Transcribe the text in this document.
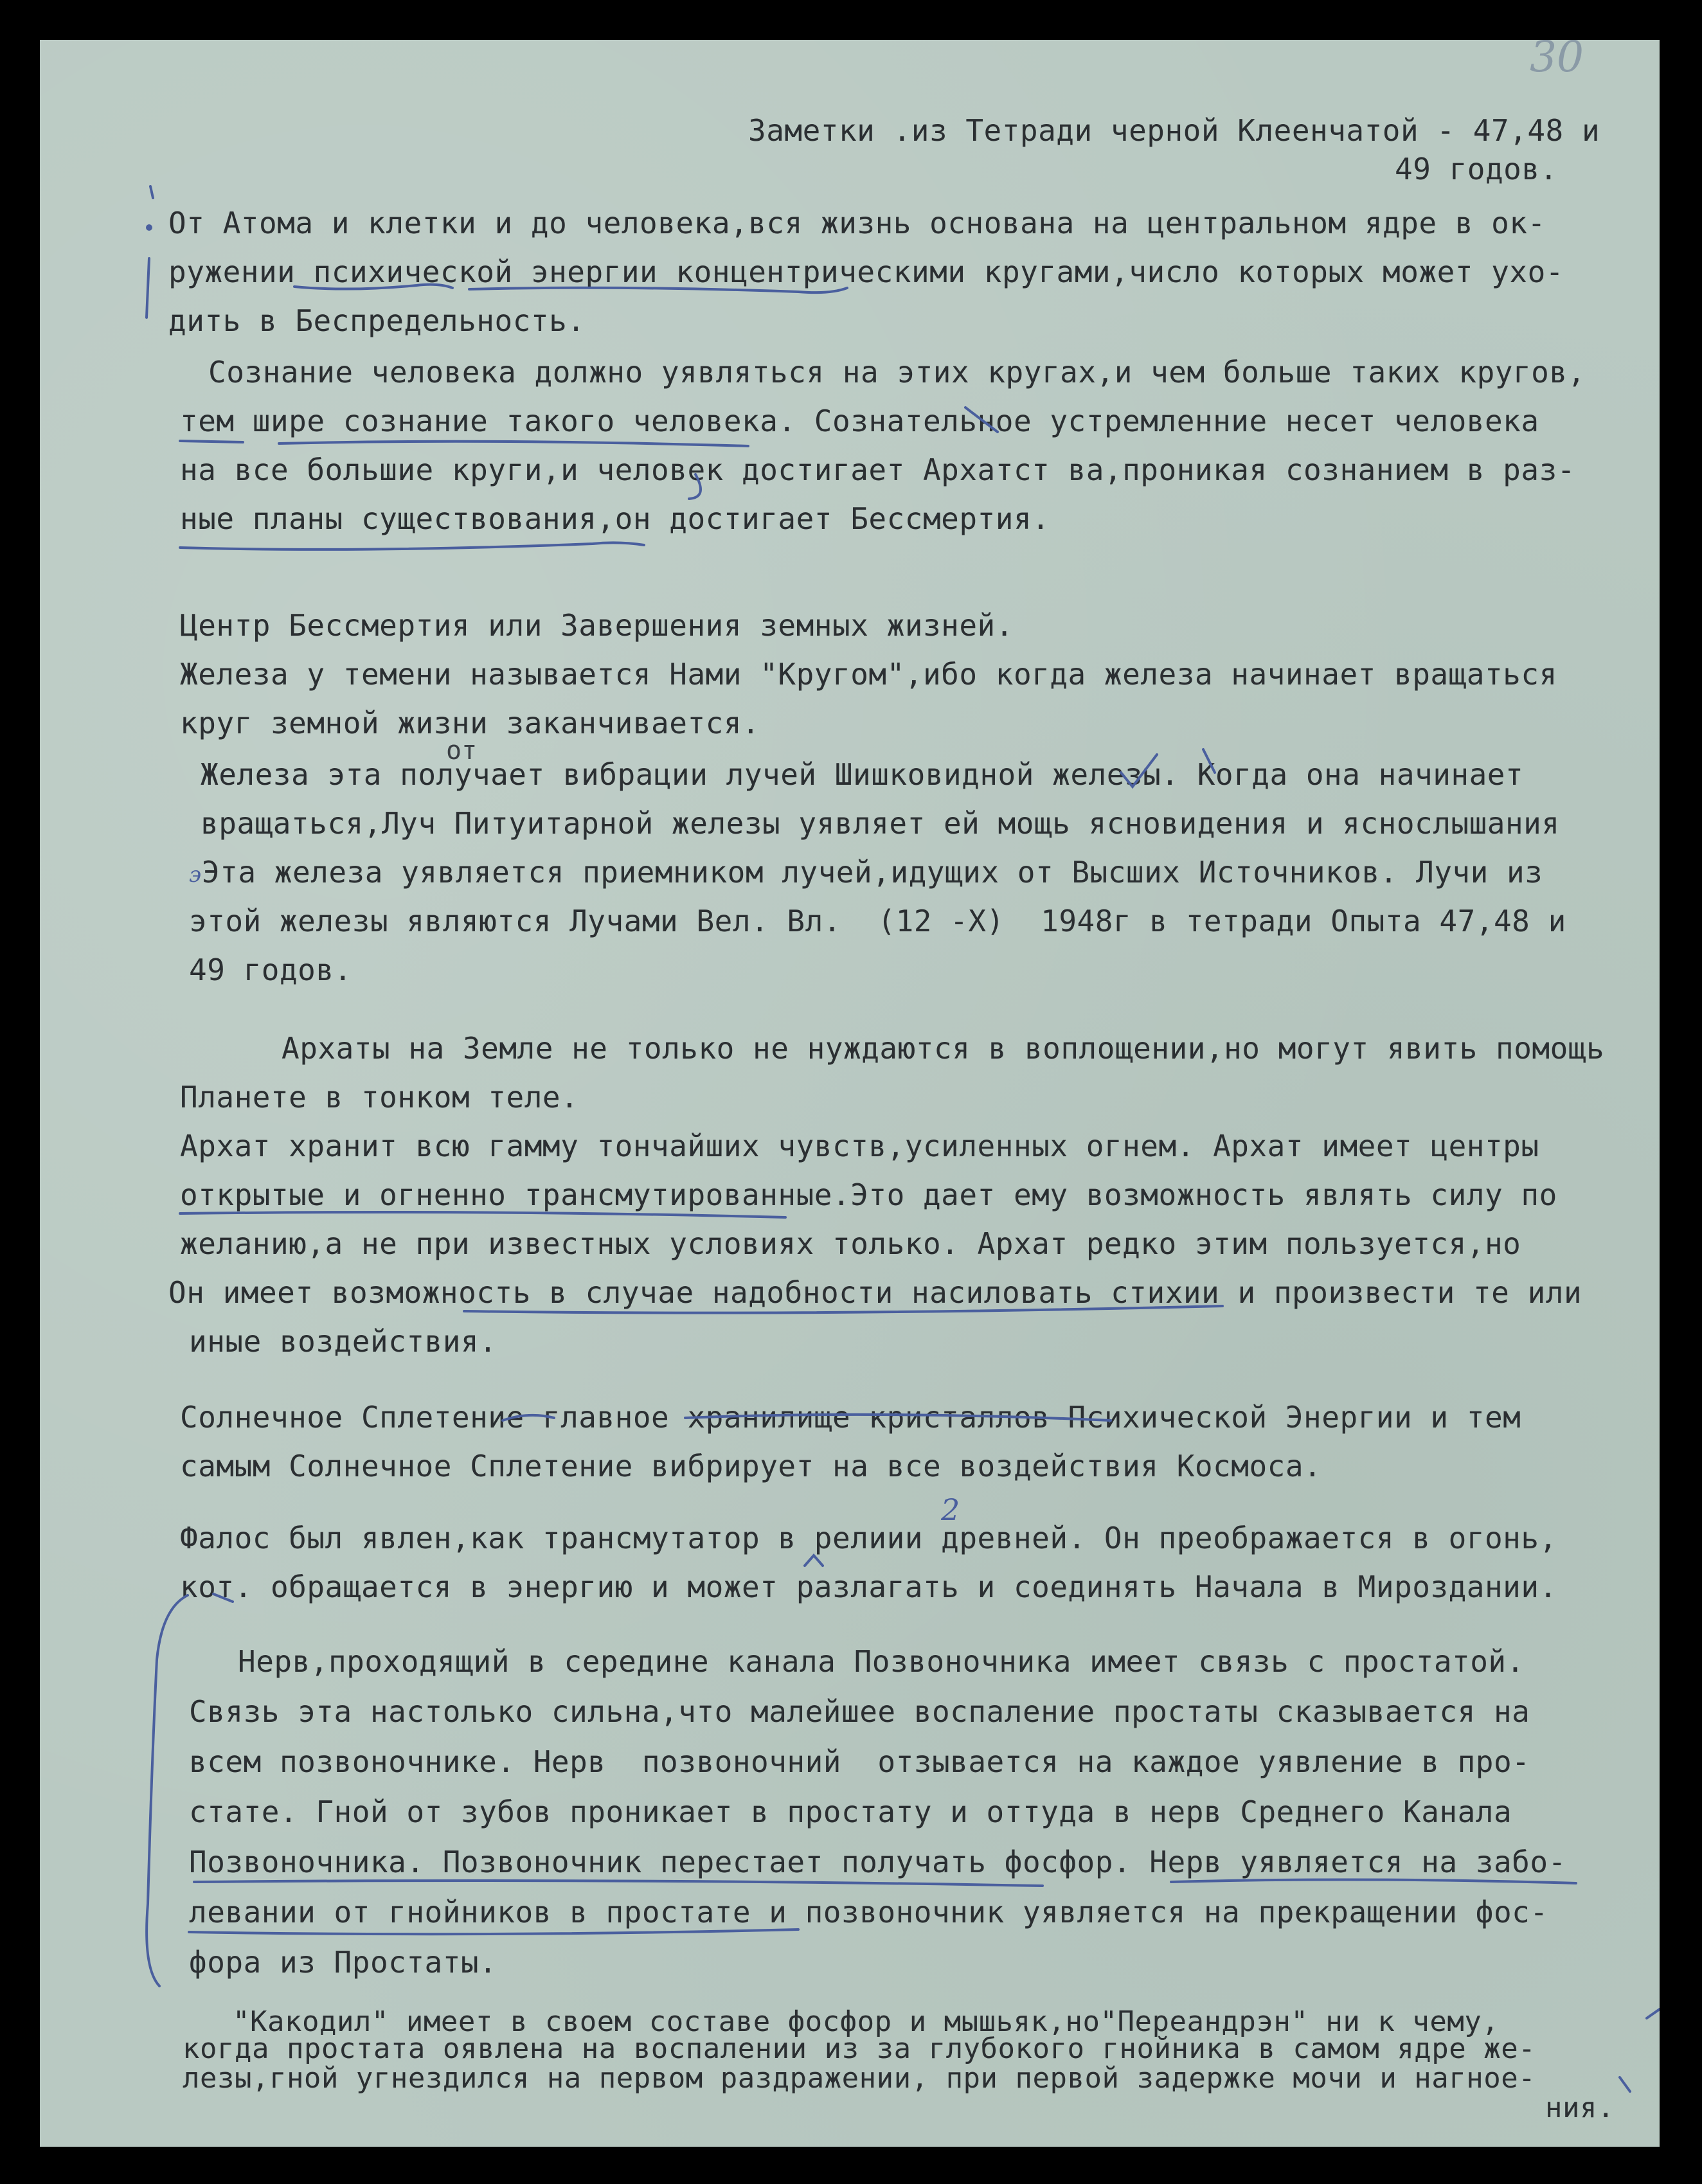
30
Заметки .из Тетради черной Клеенчатой - 47,48 и
49 годов.
От Атома и клетки и до человека,вся жизнь основана на центральном ядре в ок-
ружении психической энергии концентрическими кругами,число которых может ухо-
дить в Беспредельность.
Сознание человека должно уявляться на этих кругах,и чем больше таких кругов,
тем шире сознание такого человека. Сознательное устремленние несет человека
на все большие круги,и человек достигает Архатст ва,проникая сознанием в раз-
ные планы существования,он достигает Бессмертия.
Центр Бессмертия или Завершения земных жизней.
Железа у темени называется Нами "Кругом",ибо когда железа начинает вращаться
круг земной жизни заканчивается.
Железа эта получает вибрации лучей Шишковидной железы. Когда она начинает
вращаться,Луч Питуитарной железы уявляет ей мощь ясновидения и яснослышания
Эта железа уявляется приемником лучей,идущих от Высших Источников. Лучи из
этой железы являются Лучами Вел. Вл.  (12 -X)  1948г в тетради Опыта 47,48 и
49 годов.
Архаты на Земле не только не нуждаются в воплощении,но могут явить помощь
Планете в тонком теле.
Архат хранит всю гамму тончайших чувств,усиленных огнем. Архат имеет центры
открытые и огненно трансмутированные.Это дает ему возможность являть силу по
желанию,а не при известных условиях только. Архат редко этим пользуется,но
Он имеет возможность в случае надобности насиловать стихии и произвести те или
иные воздействия.
Солнечное Сплетение главное хранилище кристаллов Психической Энергии и тем
самым Солнечное Сплетение вибрирует на все воздействия Космоса.
Фалос был явлен,как трансмутатор в релиии древней. Он преображается в огонь,
кот. обращается в энергию и может разлагать и соединять Начала в Мироздании.
Нерв,проходящий в середине канала Позвоночника имеет связь с простатой.
Связь эта настолько сильна,что малейшее воспаление простаты сказывается на
всем позвоночнике. Нерв  позвоночний  отзывается на каждое уявление в про-
стате. Гной от зубов проникает в простату и оттуда в нерв Среднего Канала
Позвоночника. Позвоночник перестает получать фосфор. Нерв уявляется на забо-
левании от гнойников в простате и позвоночник уявляется на прекращении фос-
фора из Простаты.
"Какодил" имеет в своем составе фосфор и мышьяк,но"Переандрэн" ни к чему,
когда простата оявлена на воспалении из за глубокого гнойника в самом ядре же-
лезы,гной угнездился на первом раздражении, при первой задержке мочи и нагное-
ния.
от
э
2
